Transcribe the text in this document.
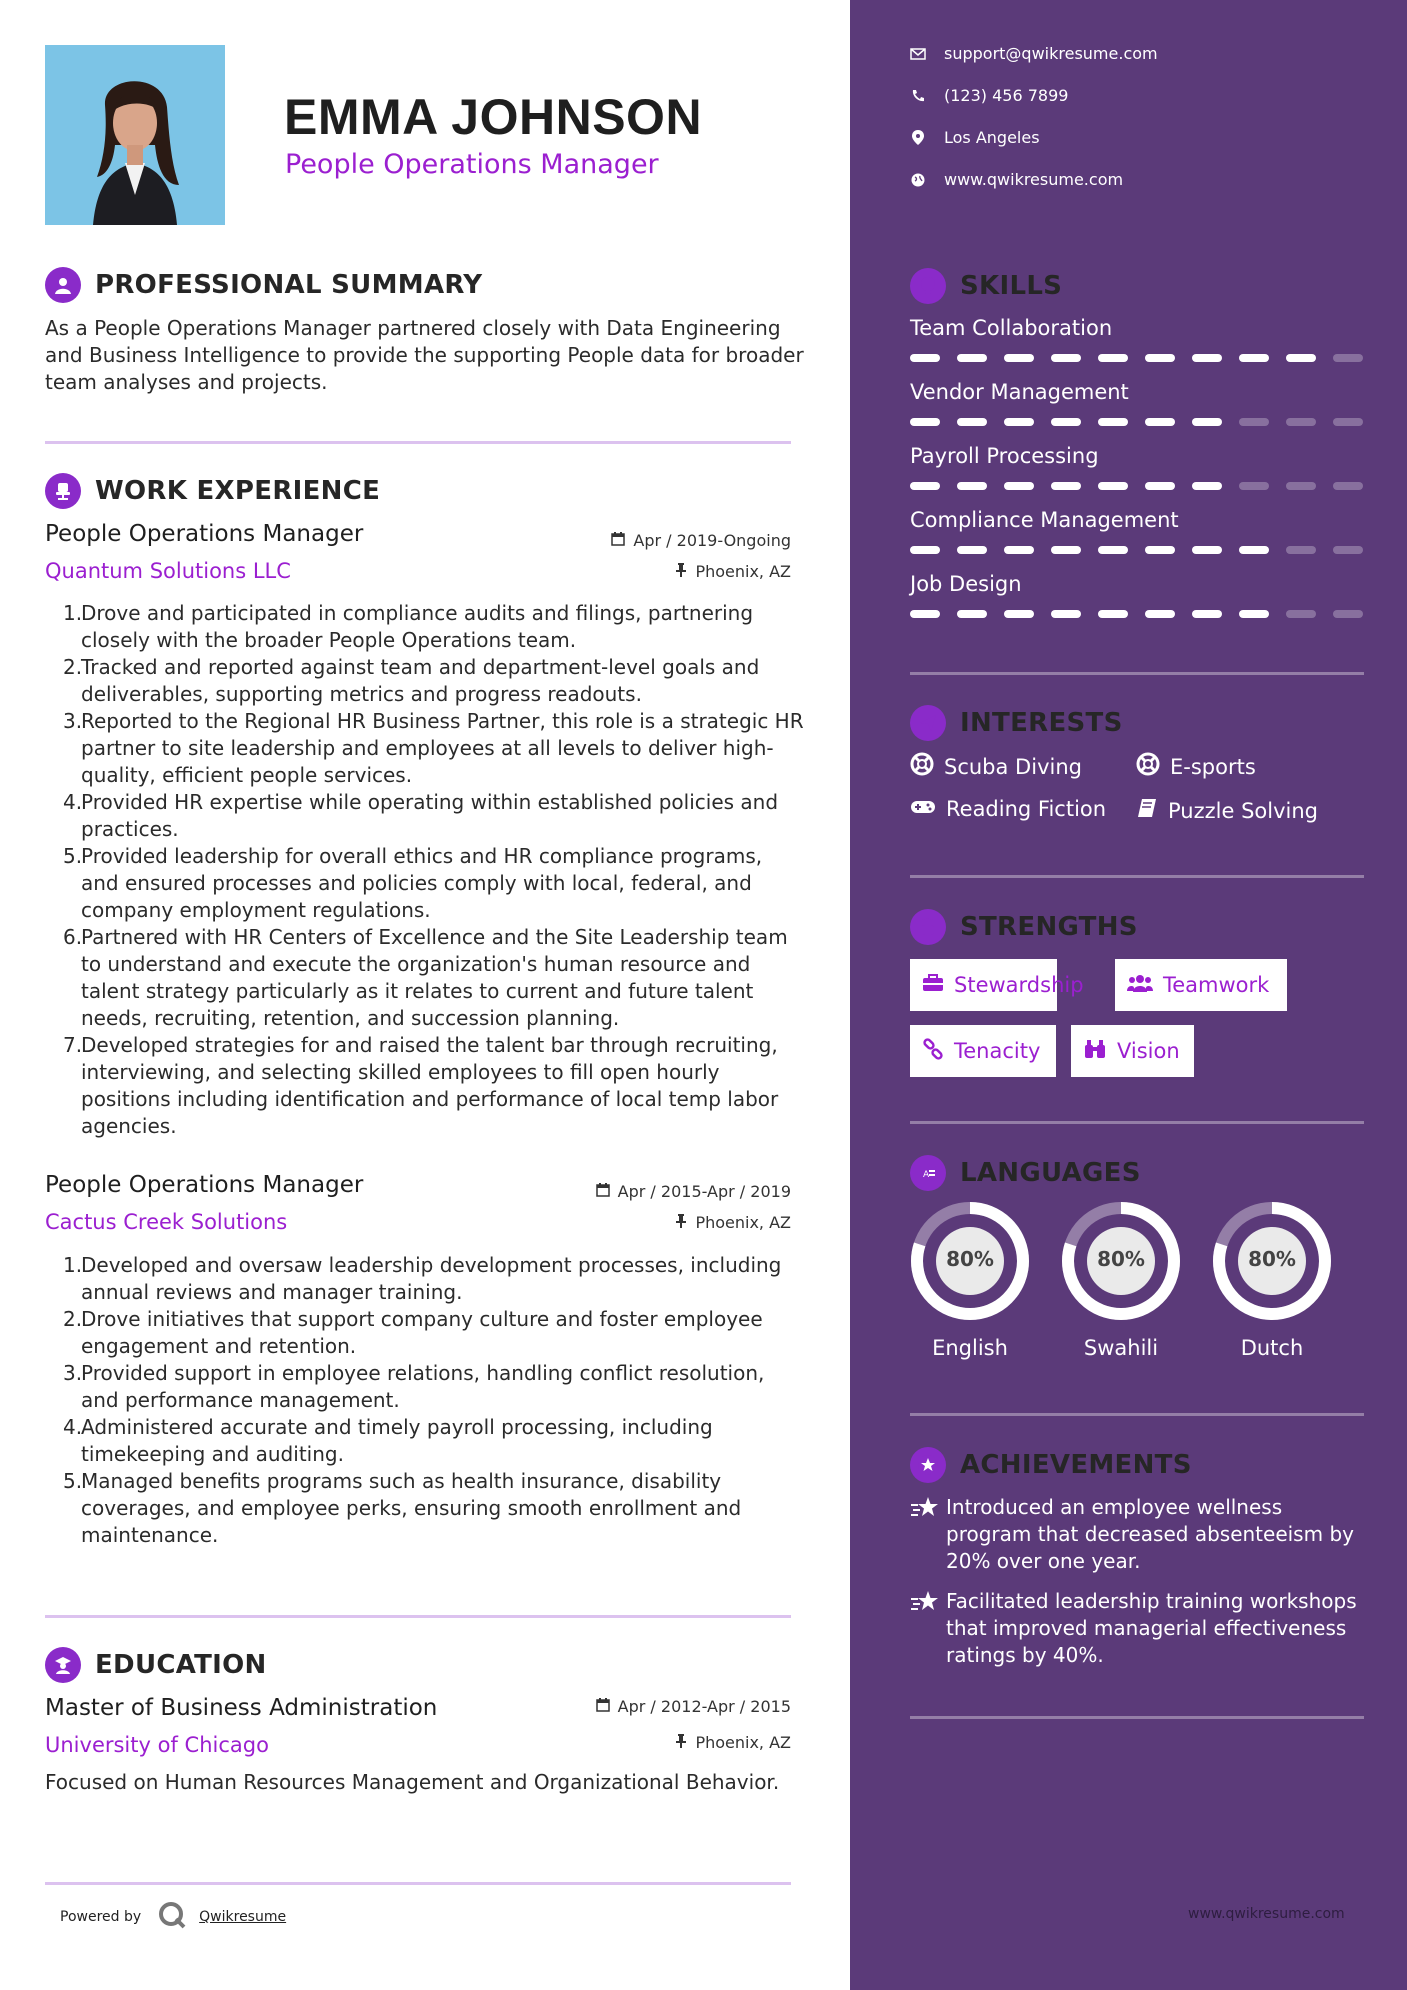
EMMA JOHNSON
People Operations Manager
PROFESSIONAL SUMMARY
As a People Operations Manager partnered closely with Data Engineering and Business Intelligence to provide the supporting People data for broader team analyses and projects.
WORK EXPERIENCE
People Operations Manager
Quantum Solutions LLC
Apr / 2019-Ongoing
Phoenix, AZ
Drove and participated in compliance audits and filings, partnering closely with the broader People Operations team.
Tracked and reported against team and department-level goals and deliverables, supporting metrics and progress readouts.
Reported to the Regional HR Business Partner, this role is a strategic HR partner to site leadership and employees at all levels to deliver high-quality, efficient people services.
Provided HR expertise while operating within established policies and practices.
Provided leadership for overall ethics and HR compliance programs, and ensured processes and policies comply with local, federal, and company employment regulations.
Partnered with HR Centers of Excellence and the Site Leadership team to understand and execute the organization's human resource and talent strategy particularly as it relates to current and future talent needs, recruiting, retention, and succession planning.
Developed strategies for and raised the talent bar through recruiting, interviewing, and selecting skilled employees to fill open hourly positions including identification and performance of local temp labor agencies.
People Operations Manager
Cactus Creek Solutions
Apr / 2015-Apr / 2019
Phoenix, AZ
Developed and oversaw leadership development processes, including annual reviews and manager training.
Drove initiatives that support company culture and foster employee engagement and retention.
Provided support in employee relations, handling conflict resolution, and performance management.
Administered accurate and timely payroll processing, including timekeeping and auditing.
Managed benefits programs such as health insurance, disability coverages, and employee perks, ensuring smooth enrollment and maintenance.
EDUCATION
Master of Business Administration
University of Chicago
Apr / 2012-Apr / 2015
Phoenix, AZ
Focused on Human Resources Management and Organizational Behavior.
Powered by	Qwikresume
support@qwikresume.com
(123) 456 7899
Los Angeles
www.qwikresume.com
SKILLS
Team Collaboration
Vendor Management
Payroll Processing
Compliance Management
Job Design
INTERESTS
Scuba Diving	E-sports
Reading Fiction	Puzzle Solving
STRENGTHS
Stewardship	Teamwork
Tenacity	Vision
A LANGUAGES
80%
English
80%
Swahili
80%
Dutch
ACHIEVEMENTS
Introduced an employee wellness program that decreased absenteeism by 20% over one year.
Facilitated leadership training workshops that improved managerial effectiveness ratings by 40%.
www.qwikresume.com
